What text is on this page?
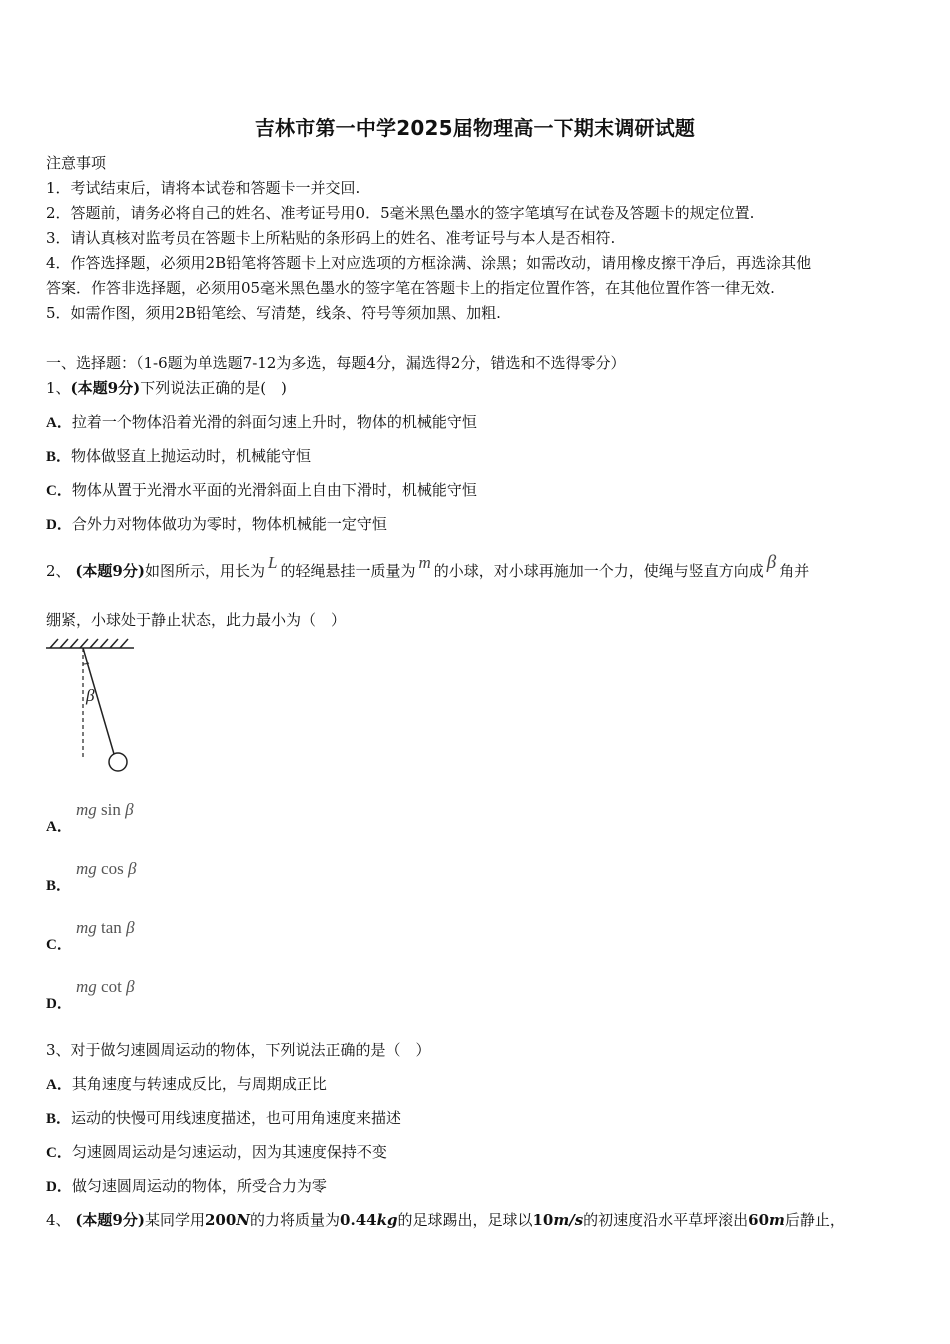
吉林市第一中学2025届物理高一下期末调研试题
注意事项
1．考试结束后，请将本试卷和答题卡一并交回.
2．答题前，请务必将自己的姓名、准考证号用0．5毫米黑色墨水的签字笔填写在试卷及答题卡的规定位置.
3．请认真核对监考员在答题卡上所粘贴的条形码上的姓名、准考证号与本人是否相符.
4．作答选择题，必须用2B铅笔将答题卡上对应选项的方框涂满、涂黑；如需改动，请用橡皮擦干净后，再选涂其他
答案．作答非选择题，必须用05毫米黑色墨水的签字笔在答题卡上的指定位置作答，在其他位置作答一律无效.
5．如需作图，须用2B铅笔绘、写清楚，线条、符号等须加黑、加粗.
一、选择题：（1-6题为单选题7-12为多选，每题4分，漏选得2分，错选和不选得零分）
1、(本题9分)下列说法正确的是(　)
A．拉着一个物体沿着光滑的斜面匀速上升时，物体的机械能守恒
B．物体做竖直上抛运动时，机械能守恒
C．物体从置于光滑水平面的光滑斜面上自由下滑时，机械能守恒
D．合外力对物体做功为零时，物体机械能一定守恒
2、 (本题9分)如图所示，用长为 L 的轻绳悬挂一质量为 m 的小球，对小球再施加一个力，使绳与竖直方向成 β 角并
绷紧，小球处于静止状态，此力最小为（　）
β
mg sin β
A．
mg cos β
B．
mg tan β
C．
mg cot β
D．
3、对于做匀速圆周运动的物体，下列说法正确的是（　）
A．其角速度与转速成反比，与周期成正比
B．运动的快慢可用线速度描述，也可用角速度来描述
C．匀速圆周运动是匀速运动，因为其速度保持不变
D．做匀速圆周运动的物体，所受合力为零
4、 (本题9分)某同学用200N的力将质量为0.44kg的足球踢出，足球以10m/s的初速度沿水平草坪滚出60m后静止，
